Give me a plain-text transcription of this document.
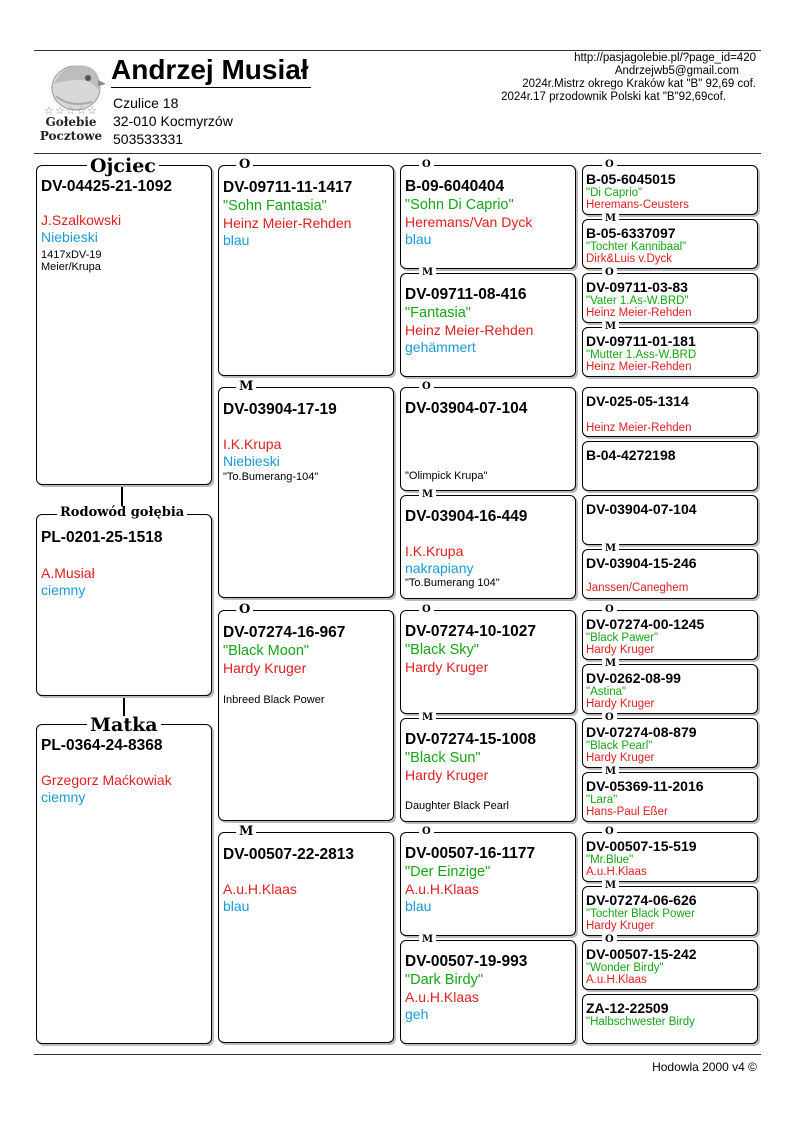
☆☆☆☆☆
Gołebie
Pocztowe
Andrzej Musiał
Czulice 18
32-010 Kocmyrzów
503533331
http://pasjagolebie.pl/?page_id=420
Andrzejwb5@gmail.com
2024r.Mistrz okrego Kraków kat "B" 92,69 cof.
2024r.17 przodownik Polski kat "B"92,69cof.
DV-04425-21-1092
J.Szalkowski
Niebieski
1417xDV-19
Meier/Krupa
Ojciec
PL-0201-25-1518
A.Musiał
ciemny
Rodowód gołębia
PL-0364-24-8368
Grzegorz Maćkowiak
ciemny
Matka
DV-09711-11-1417
"Sohn Fantasia"
Heinz Meier-Rehden
blau
O
DV-03904-17-19
I.K.Krupa
Niebieski
"To.Bumerang-104"
M
DV-07274-16-967
"Black Moon"
Hardy Kruger
Inbreed Black Power
O
DV-00507-22-2813
A.u.H.Klaas
blau
M
B-09-6040404
"Sohn Di Caprio"
Heremans/Van Dyck
blau
O
DV-09711-08-416
"Fantasia"
Heinz Meier-Rehden
gehämmert
M
DV-03904-07-104
"Olimpick Krupa"
O
DV-03904-16-449
I.K.Krupa
nakrapiany
"To.Bumerang 104"
M
DV-07274-10-1027
"Black Sky"
Hardy Kruger
O
DV-07274-15-1008
"Black Sun"
Hardy Kruger
Daughter Black Pearl
M
DV-00507-16-1177
"Der Einzige"
A.u.H.Klaas
blau
O
DV-00507-19-993
"Dark Birdy"
A.u.H.Klaas
geh
M
B-05-6045015
"Di Caprio"
Heremans-Ceusters
O
B-05-6337097
"Tochter Kannibaal"
Dirk&Luis v.Dyck
M
DV-09711-03-83
"Vater 1.As-W.BRD"
Heinz Meier-Rehden
O
DV-09711-01-181
"Mutter 1.Ass-W.BRD
Heinz Meier-Rehden
M
DV-025-05-1314
Heinz Meier-Rehden
B-04-4272198
DV-03904-07-104
DV-03904-15-246
Janssen/Caneghem
M
DV-07274-00-1245
"Black Pawer"
Hardy Kruger
O
DV-0262-08-99
"Astina"
Hardy Kruger
M
DV-07274-08-879
"Black Pearl"
Hardy Kruger
O
DV-05369-11-2016
"Lara"
Hans-Paul Eßer
M
DV-00507-15-519
"Mr.Blue"
A.u.H.Klaas
O
DV-07274-06-626
"Tochter Black Power
Hardy Kruger
M
DV-00507-15-242
"Wonder Birdy"
A.u.H.Klaas
O
ZA-12-22509
"Halbschwester Birdy
Hodowla 2000 v4 ©
